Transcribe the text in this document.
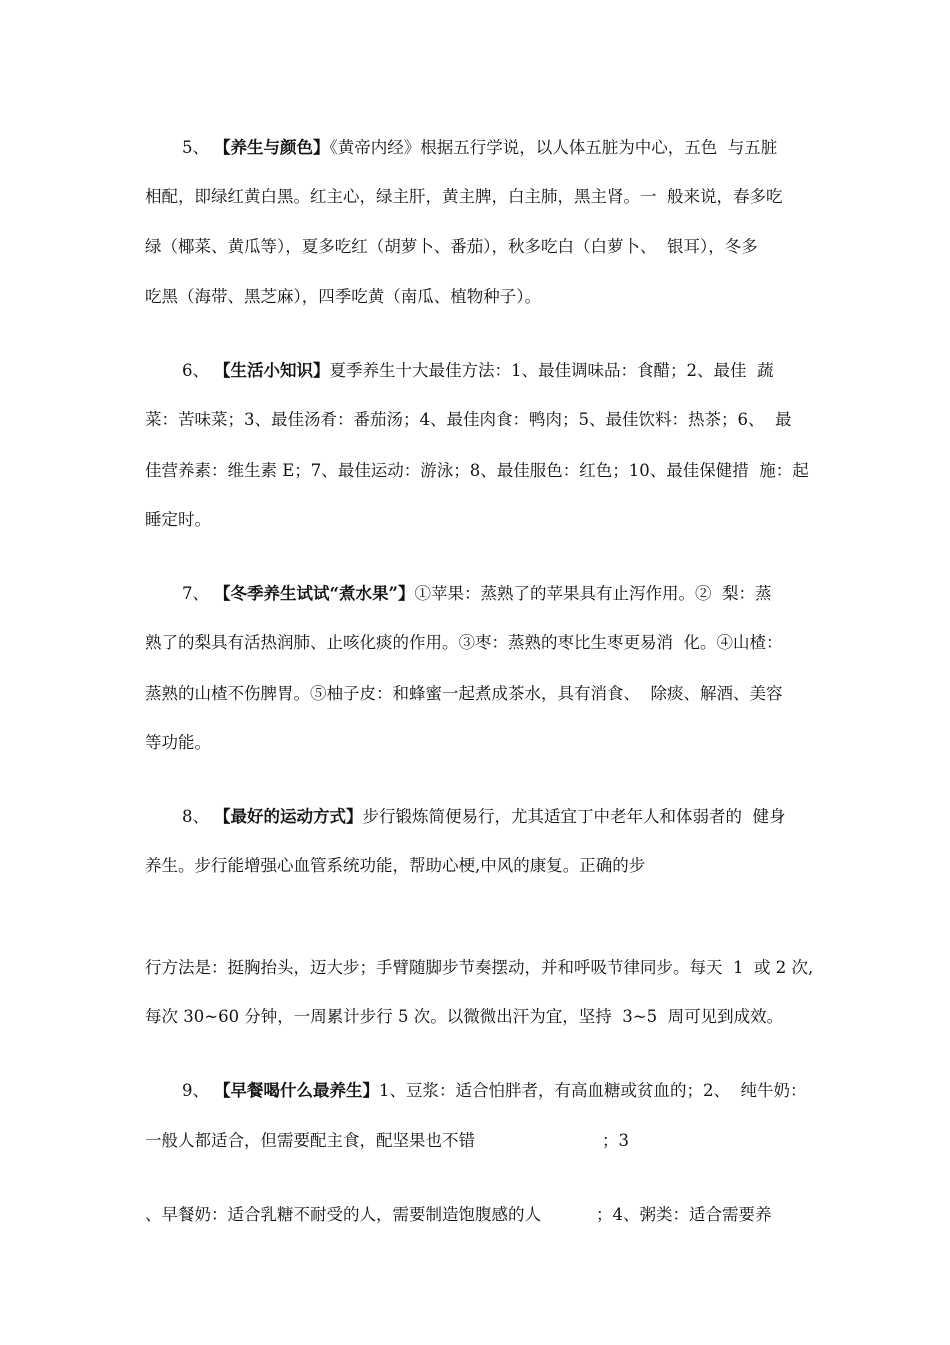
5、 【养生与颜色】《黄帝内经》根据五行学说，以人体五脏为中心，五色  与五脏
相配，即绿红黄白黑。红主心，绿主肝，黄主脾，白主肺，黑主肾。一  般来说，春多吃
绿（椰菜、黄瓜等），夏多吃红（胡萝卜、番茄），秋多吃白（白萝卜、  银耳），冬多
吃黑（海带、黑芝麻），四季吃黄（南瓜、植物种子）。
6、 【生活小知识】夏季养生十大最佳方法：1、最佳调味品：食醋；2、最佳  蔬
菜：苦味菜；3、最佳汤肴：番茄汤；4、最佳肉食：鸭肉；5、最佳饮料：热茶；6、  最
佳营养素：维生素 E；7、最佳运动：游泳；8、最佳服色：红色；10、最佳保健措  施：起
睡定时。
7、 【冬季养生试试“煮水果”】①苹果：蒸熟了的苹果具有止泻作用。②  梨：蒸
熟了的梨具有活热润肺、止咳化痰的作用。③枣：蒸熟的枣比生枣更易消  化。④山楂：
蒸熟的山楂不伤脾胃。⑤柚子皮：和蜂蜜一起煮成茶水，具有消食、  除痰、解酒、美容
等功能。
8、 【最好的运动方式】步行锻炼简便易行，尤其适宜丁中老年人和体弱者的  健身
养生。步行能增强心血管系统功能，帮助心梗,中风的康复。正确的步
行方法是：挺胸抬头，迈大步；手臂随脚步节奏摆动，并和呼吸节律同步。每天  1  或 2 次,
每次 30~60 分钟，一周累计步行 5 次。以微微出汗为宜，坚持  3~5  周可见到成效。
9、 【早餐喝什么最养生】1、豆浆：适合怕胖者，有高血糖或贫血的；2、  纯牛奶：
一般人都适合，但需要配主食，配坚果也不错	；3
、早餐奶：适合乳糖不耐受的人，需要制造饱腹感的人	；4、粥类：适合需要养
